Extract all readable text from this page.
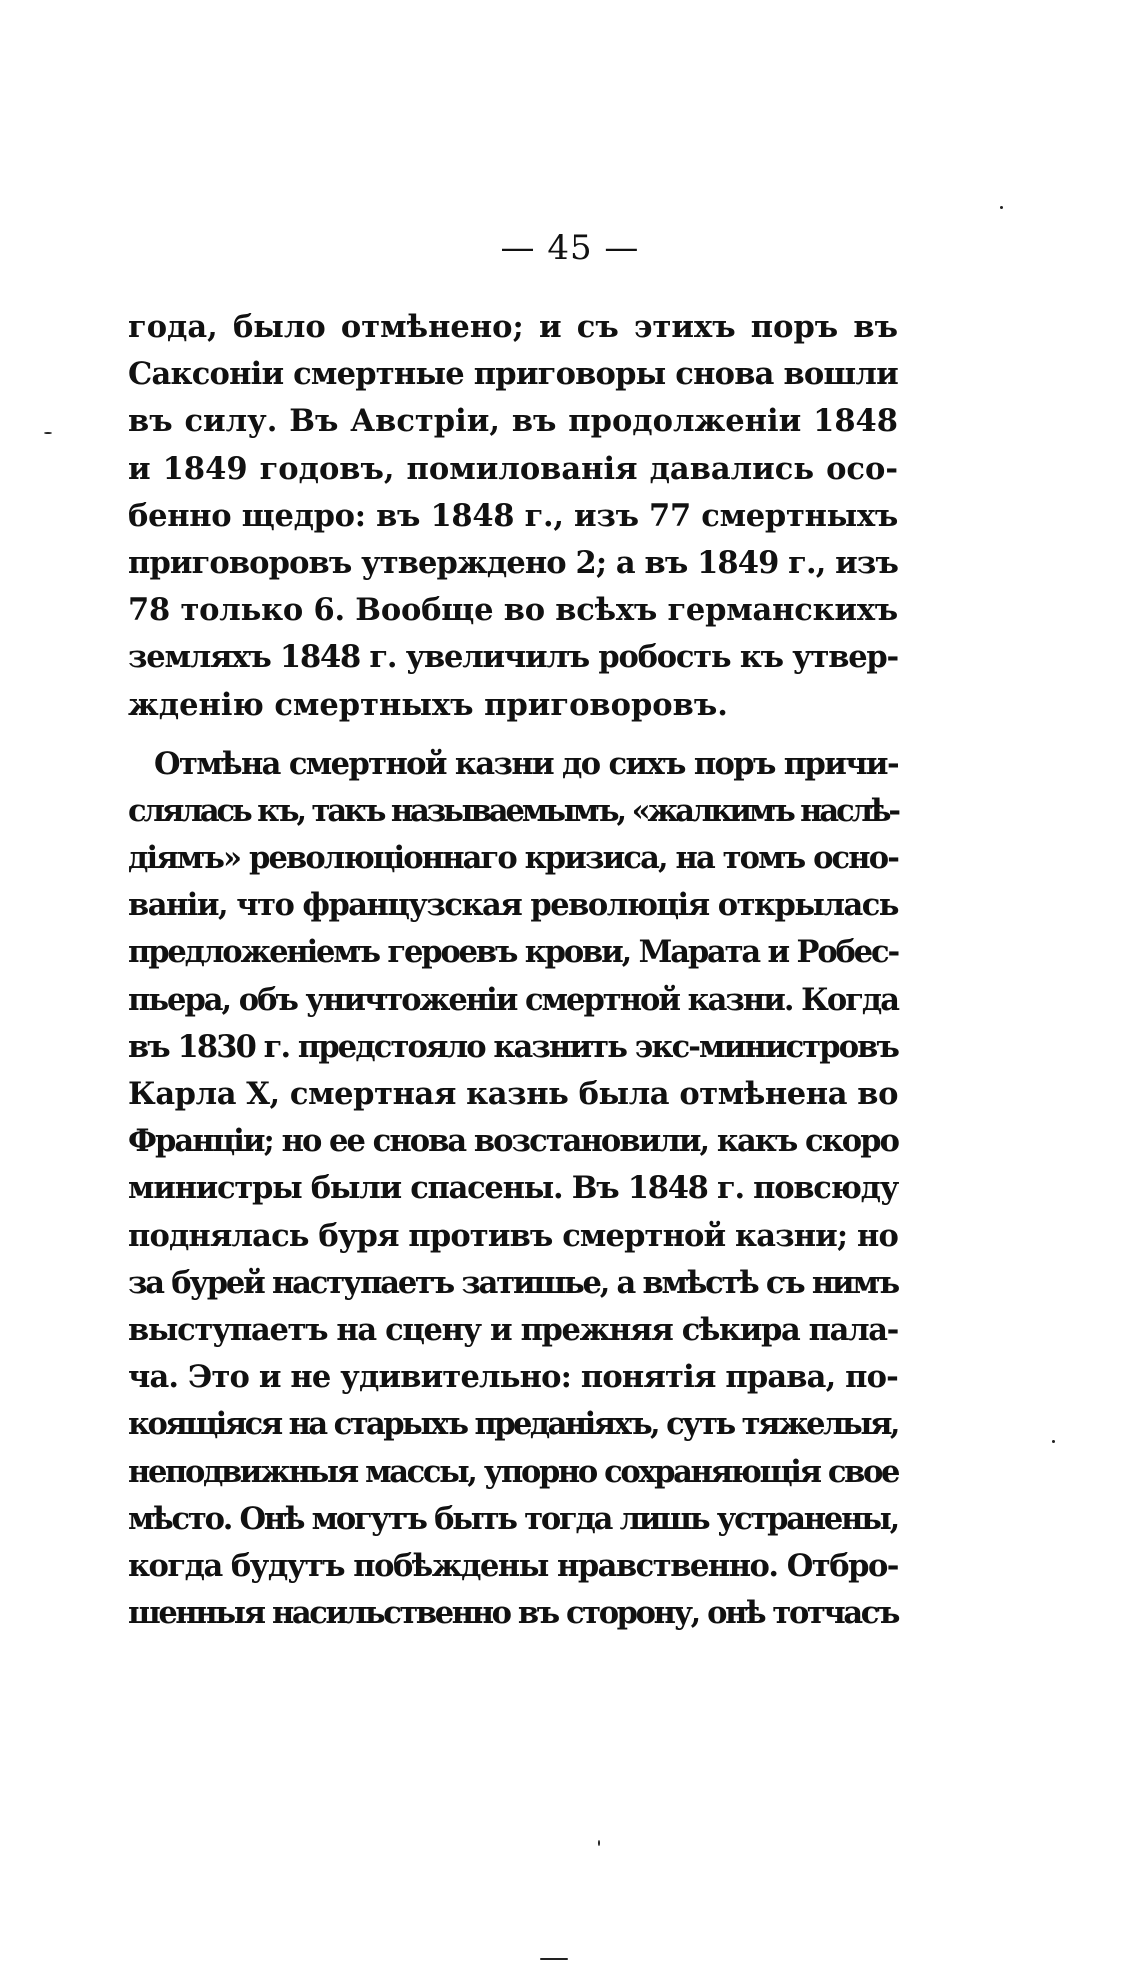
— 45 —
года, было отмѣнено; и съ этихъ поръ въ
Саксоніи смертные приговоры снова вошли
въ силу. Въ Австріи, въ продолженіи 1848
и 1849 годовъ, помилованія давались осо-
бенно щедро: въ 1848 г., изъ 77 смертныхъ
приговоровъ утверждено 2; а въ 1849 г., изъ
78 только 6. Вообще во всѣхъ германскихъ
земляхъ 1848 г. увеличилъ робость къ утвер-
жденію смертныхъ приговоровъ.
Отмѣна смертной казни до сихъ поръ причи-
слялась къ, такъ называемымъ, «жалкимъ наслѣ-
діямъ» революціоннаго кризиса, на томъ осно-
ваніи, что французская революція открылась
предложеніемъ героевъ крови, Марата и Робес-
пьера, объ уничтоженіи смертной казни. Когда
въ 1830 г. предстояло казнить экс-министровъ
Карла X, смертная казнь была отмѣнена во
Франціи; но ее снова возстановили, какъ скоро
министры были спасены. Въ 1848 г. повсюду
поднялась буря противъ смертной казни; но
за бурей наступаетъ затишье, а вмѣстѣ съ нимъ
выступаетъ на сцену и прежняя сѣкира пала-
ча. Это и не удивительно: понятія права, по-
коящіяся на старыхъ преданіяхъ, суть тяжелыя,
неподвижныя массы, упорно сохраняющія свое
мѣсто. Онѣ могутъ быть тогда лишь устранены,
когда будутъ побѣждены нравственно. Отбро-
шенныя насильственно въ сторону, онѣ тотчасъ
